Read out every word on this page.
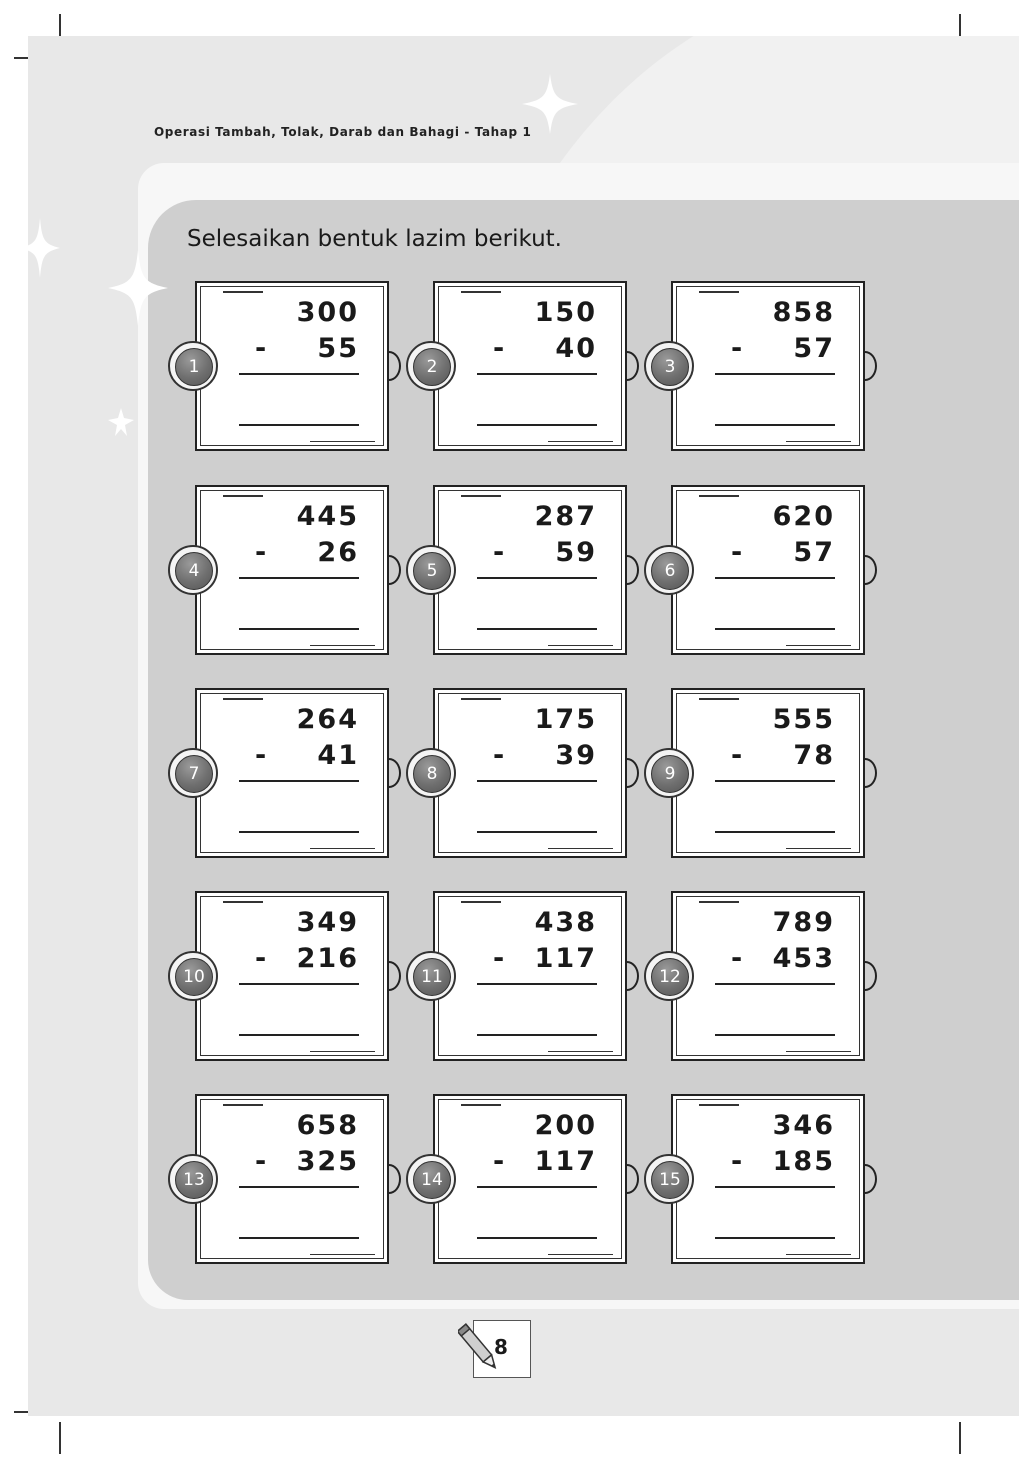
Operasi Tambah, Tolak, Darab dan Bahagi - Tahap 1
Selesaikan bentuk lazim berikut.
300
-	55
1
150
-	40
2
858
-	57
3
445
-	26
4
287
-	59
5
620
-	57
6
264
-	41
7
175
-	39
8
555
-	78
9
349
-	216
10
438
-	117
11
789
-	453
12
658
-	325
13
200
-	117
14
346
-	185
15
8
